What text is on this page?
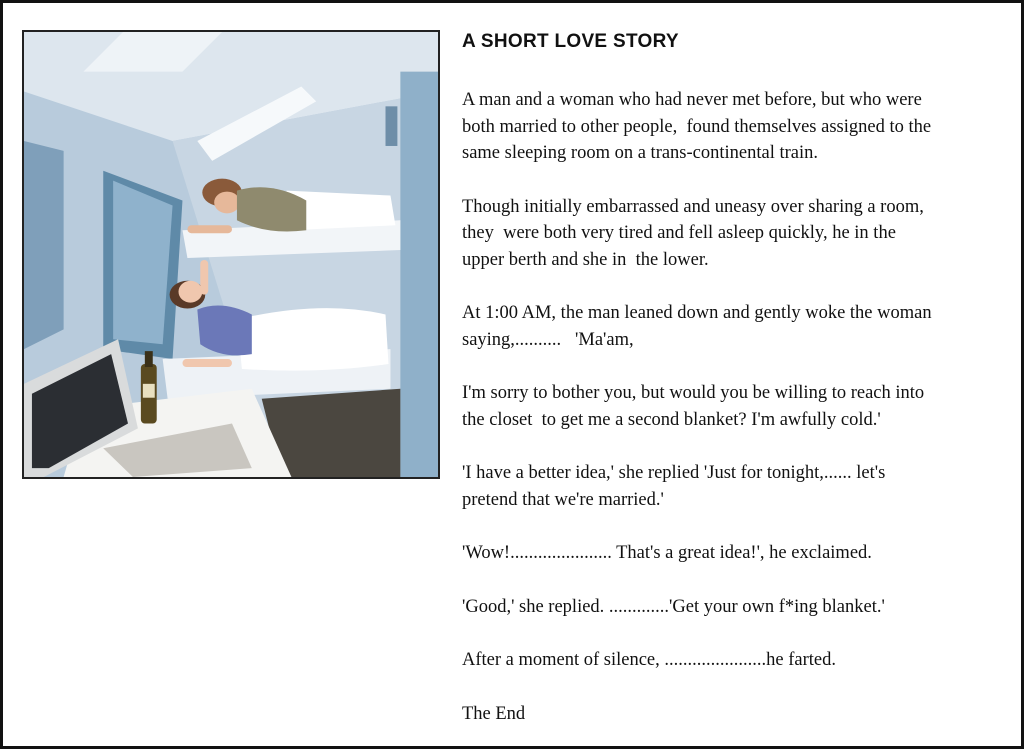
A SHORT LOVE STORY

A man and a woman who had never met before, but who were
both married to other people,  found themselves assigned to the
same sleeping room on a trans-continental train.

Though initially embarrassed and uneasy over sharing a room,
they  were both very tired and fell asleep quickly, he in the
upper berth and she in  the lower.

At 1:00 AM, the man leaned down and gently woke the woman
saying,..........   'Ma'am,

I'm sorry to bother you, but would you be willing to reach into
the closet  to get me a second blanket? I'm awfully cold.'

'I have a better idea,' she replied 'Just for tonight,...... let's
pretend that we're married.'

'Wow!...................... That's a great idea!', he exclaimed.

'Good,' she replied. .............'Get your own f*ing blanket.'

After a moment of silence, ......................he farted.

The End
